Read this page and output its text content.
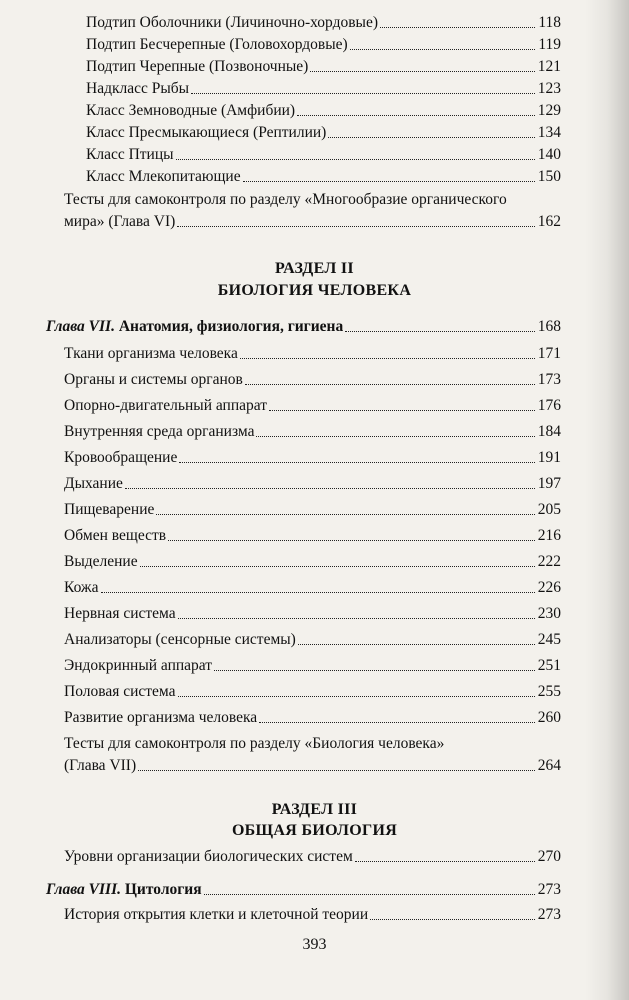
Подтип Оболочники (Личиночно-хордовые)	118
Подтип Бесчерепные (Головохордовые)	119
Подтип Черепные (Позвоночные)	121
Надкласс Рыбы	123
Класс Земноводные (Амфибии)	129
Класс Пресмыкающиеся (Рептилии)	134
Класс Птицы	140
Класс Млекопитающие	150
Тесты для самоконтроля по разделу «Многообразие органического
мира» (Глава VI)	162
РАЗДЕЛ II
БИОЛОГИЯ ЧЕЛОВЕКА
Глава VII. Анатомия, физиология, гигиена	168
Ткани организма человека	171
Органы и системы органов	173
Опорно-двигательный аппарат	176
Внутренняя среда организма	184
Кровообращение	191
Дыхание	197
Пищеварение	205
Обмен веществ	216
Выделение	222
Кожа	226
Нервная система	230
Анализаторы (сенсорные системы)	245
Эндокринный аппарат	251
Половая система	255
Развитие организма человека	260
Тесты для самоконтроля по разделу «Биология человека»
(Глава VII)	264
РАЗДЕЛ III
ОБЩАЯ БИОЛОГИЯ
Уровни организации биологических систем	270
Глава VIII. Цитология	273
История открытия клетки и клеточной теории	273
393
